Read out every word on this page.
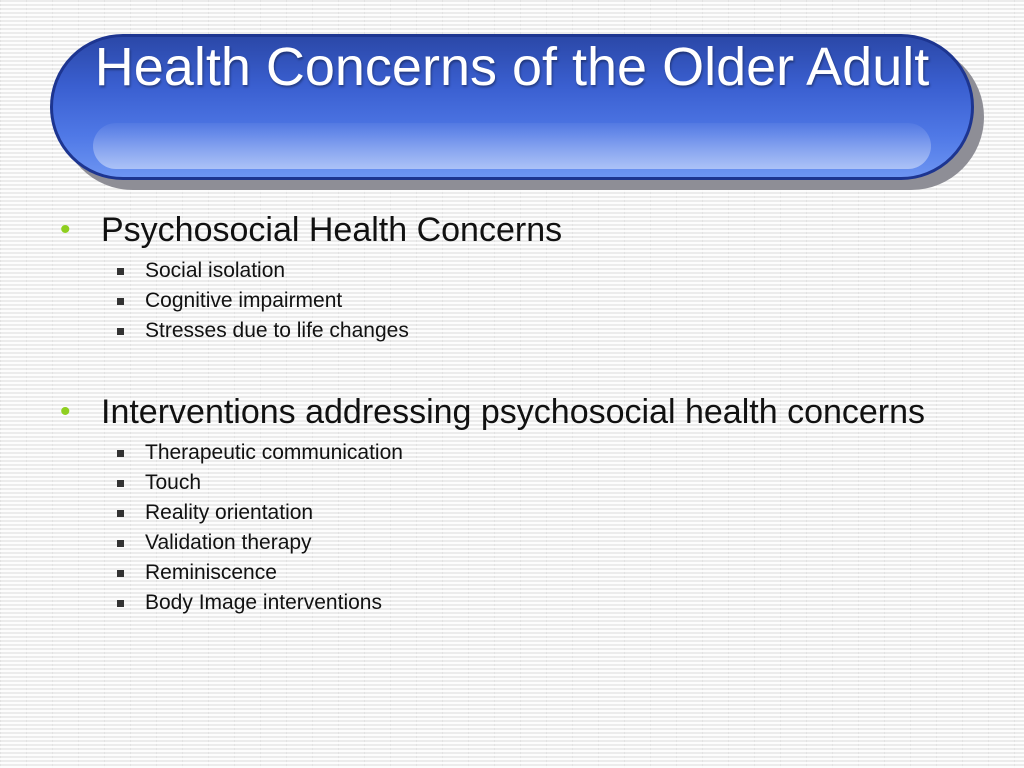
Health Concerns of the Older Adult
• Psychosocial Health Concerns
Social isolation
Cognitive impairment
Stresses due to life changes
• Interventions addressing psychosocial health concerns
Therapeutic communication
Touch
Reality orientation
Validation therapy
Reminiscence
Body Image interventions
